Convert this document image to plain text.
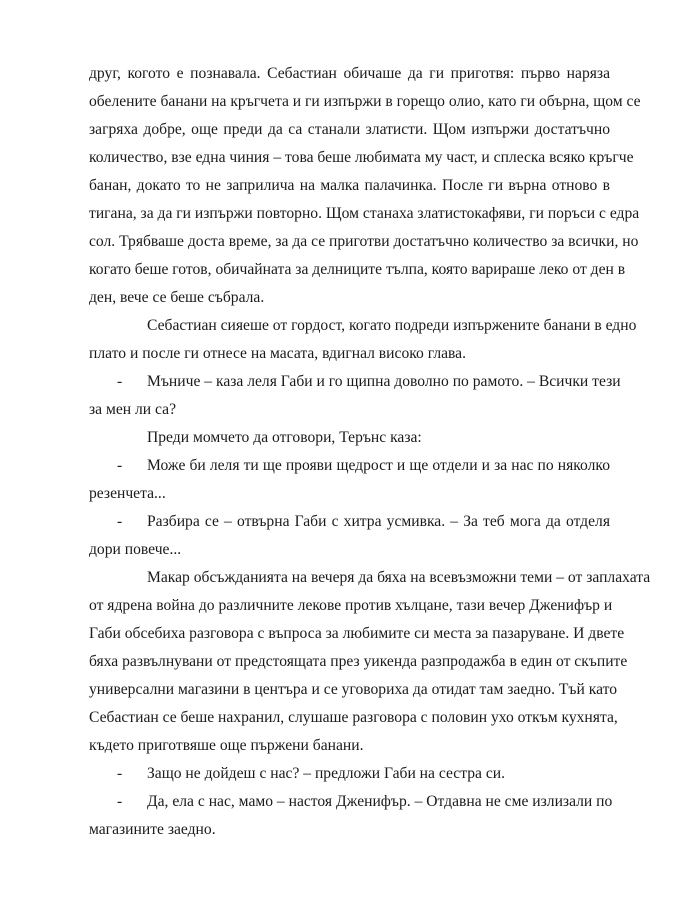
друг, когото е познавала. Себастиан обичаше да ги приготвя: първо наряза
обелените банани на кръгчета и ги изпържи в горещо олио, като ги обърна, щом се
загряха добре, още преди да са станали златисти. Щом изпържи достатъчно
количество, взе една чиния – това беше любимата му част, и сплеска всяко кръгче
банан, докато то не заприлича на малка палачинка. После ги върна отново в
тигана, за да ги изпържи повторно. Щом станаха златистокафяви, ги поръси с едра
сол. Трябваше доста време, за да се приготви достатъчно количество за всички, но
когато беше готов, обичайната за делниците тълпа, която варираше леко от ден в
ден, вече се беше събрала.
Себастиан сияеше от гордост, когато подреди изпържените банани в едно
плато и после ги отнесе на масата, вдигнал високо глава.
- Мъниче – каза леля Габи и го щипна доволно по рамото. – Всички тези
за мен ли са?
Преди момчето да отговори, Терънс каза:
- Може би леля ти ще прояви щедрост и ще отдели и за нас по няколко
резенчета...
- Разбира се – отвърна Габи с хитра усмивка. – За теб мога да отделя
дори повече...
Макар обсъжданията на вечеря да бяха на всевъзможни теми – от заплахата
от ядрена война до различните лекове против хълцане, тази вечер Дженифър и
Габи обсебиха разговора с въпроса за любимите си места за пазаруване. И двете
бяха развълнувани от предстоящата през уикенда разпродажба в един от скъпите
универсални магазини в центъра и се уговориха да отидат там заедно. Тъй като
Себастиан се беше нахранил, слушаше разговора с половин ухо откъм кухнята,
където приготвяше още пържени банани.
- Защо не дойдеш с нас? – предложи Габи на сестра си.
- Да, ела с нас, мамо – настоя Дженифър. – Отдавна не сме излизали по
магазините заедно.
